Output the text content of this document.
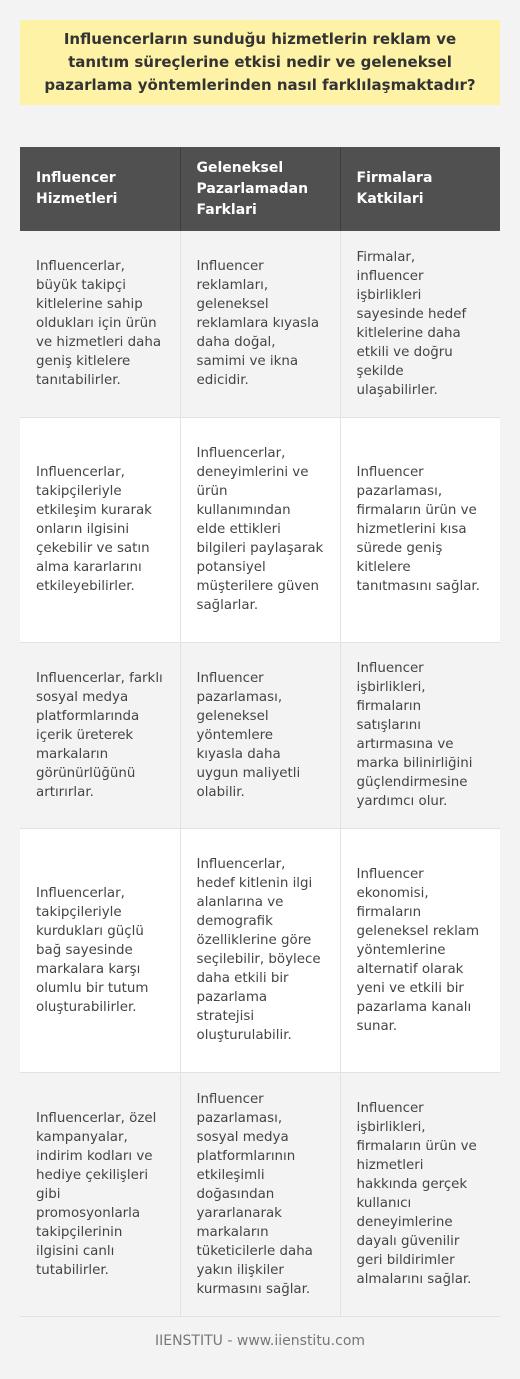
Influencerların sunduğu hizmetlerin reklam ve tanıtım süreçlerine etkisi nedir ve geleneksel pazarlama yöntemlerinden nasıl farklılaşmaktadır?
Influencer Hizmetleri	Geleneksel Pazarlamadan Farklari	Firmalara Katkilari
Influencerlar, büyük takipçi kitlelerine sahip oldukları için ürün ve hizmetleri daha geniş kitlelere tanıtabilirler.	Influencer reklamları, geleneksel reklamlara kıyasla daha doğal, samimi ve ikna edicidir.	Firmalar, influencer işbirlikleri sayesinde hedef kitlelerine daha etkili ve doğru şekilde ulaşabilirler.
Influencerlar, takipçileriyle etkileşim kurarak onların ilgisini çekebilir ve satın alma kararlarını etkileyebilirler.	Influencerlar, deneyimlerini ve ürün kullanımından elde ettikleri bilgileri paylaşarak potansiyel müşterilere güven sağlarlar.	Influencer pazarlaması, firmaların ürün ve hizmetlerini kısa sürede geniş kitlelere tanıtmasını sağlar.
Influencerlar, farklı sosyal medya platformlarında içerik üreterek markaların görünürlüğünü artırırlar.	Influencer pazarlaması, geleneksel yöntemlere kıyasla daha uygun maliyetli olabilir.	Influencer işbirlikleri, firmaların satışlarını artırmasına ve marka bilinirliğini güçlendirmesine yardımcı olur.
Influencerlar, takipçileriyle kurdukları güçlü bağ sayesinde markalara karşı olumlu bir tutum oluşturabilirler.	Influencerlar, hedef kitlenin ilgi alanlarına ve demografik özelliklerine göre seçilebilir, böylece daha etkili bir pazarlama stratejisi oluşturulabilir.	Influencer ekonomisi, firmaların geleneksel reklam yöntemlerine alternatif olarak yeni ve etkili bir pazarlama kanalı sunar.
Influencerlar, özel kampanyalar, indirim kodları ve hediye çekilişleri gibi promosyonlarla takipçilerinin ilgisini canlı tutabilirler.	Influencer pazarlaması, sosyal medya platformlarının etkileşimli doğasından yararlanarak markaların tüketicilerle daha yakın ilişkiler kurmasını sağlar.	Influencer işbirlikleri, firmaların ürün ve hizmetleri hakkında gerçek kullanıcı deneyimlerine dayalı güvenilir geri bildirimler almalarını sağlar.
IIENSTITU - www.iienstitu.com
